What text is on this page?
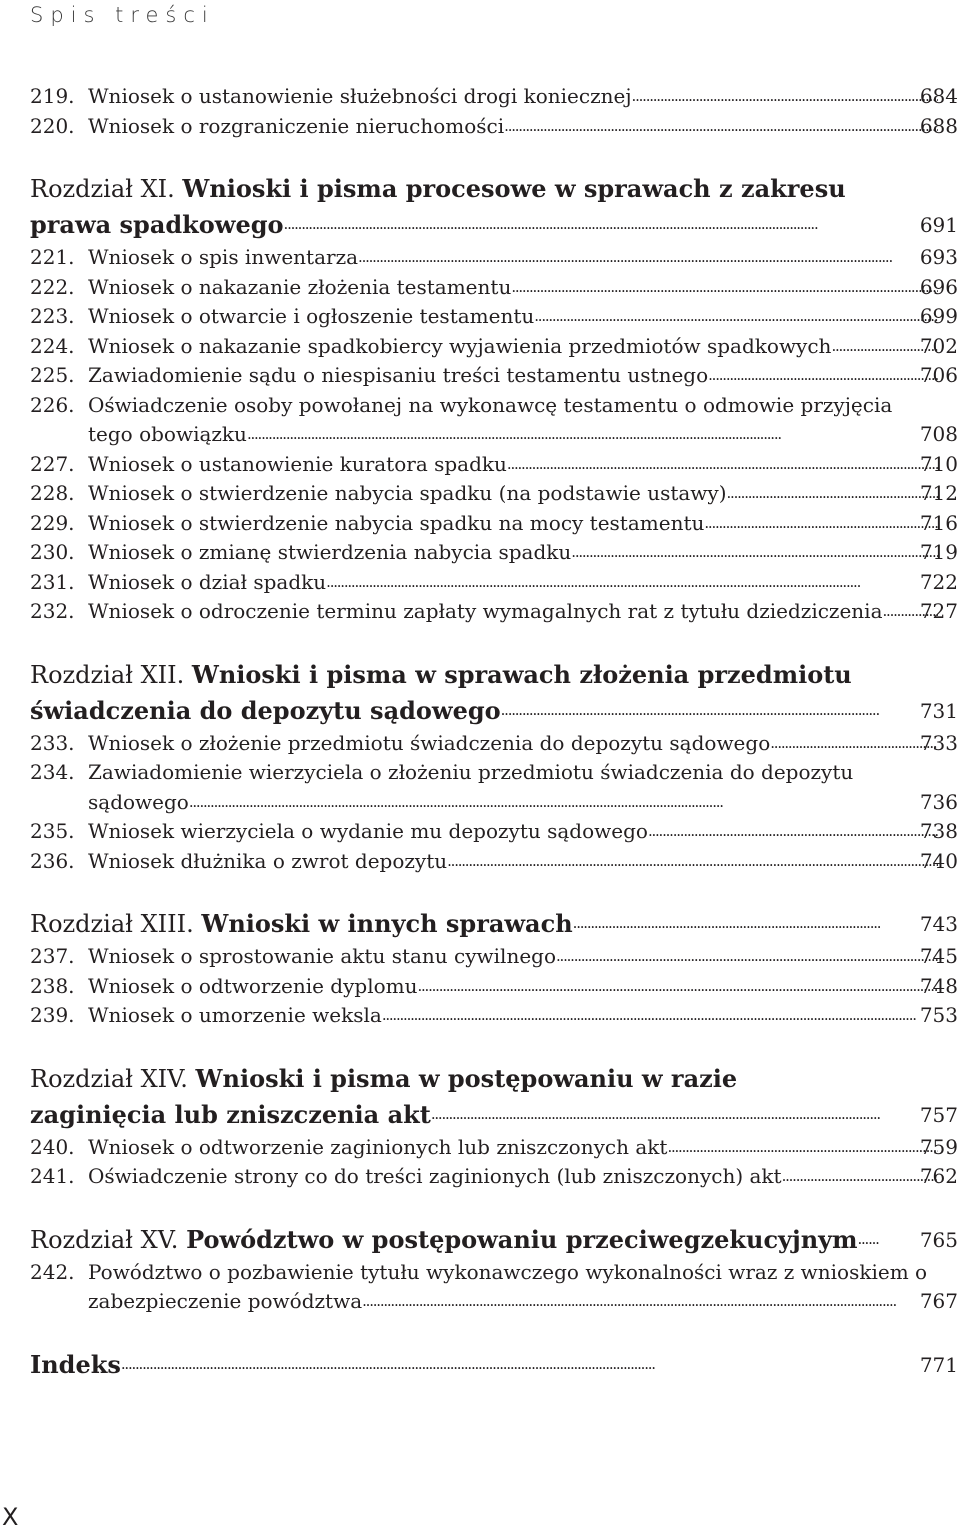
Spis treści
219. Wniosek o ustanowienie służebności drogi koniecznej . . .	684
220. Wniosek o rozgraniczenie nieruchomości . . .	688
Rozdział XI. Wnioski i pisma procesowe w sprawach z zakresu prawa spadkowego . . .	691
221. Wniosek o spis inwentarza . . .	693
222. Wniosek o nakazanie złożenia testamentu . . .	696
223. Wniosek o otwarcie i ogłoszenie testamentu . . .	699
224. Wniosek o nakazanie spadkobiercy wyjawienia przedmiotów spadkowych . . .	702
225. Zawiadomienie sądu o niespisaniu treści testamentu ustnego . . .	706
226. Oświadczenie osoby powołanej na wykonawcę testamentu o odmowie przyjęcia tego obowiązku . . .	708
227. Wniosek o ustanowienie kuratora spadku . . .	710
228. Wniosek o stwierdzenie nabycia spadku (na podstawie ustawy) . . .	712
229. Wniosek o stwierdzenie nabycia spadku na mocy testamentu . . .	716
230. Wniosek o zmianę stwierdzenia nabycia spadku . . .	719
231. Wniosek o dział spadku . . .	722
232. Wniosek o odroczenie terminu zapłaty wymagalnych rat z tytułu dziedziczenia . . .	727
Rozdział XII. Wnioski i pisma w sprawach złożenia przedmiotu świadczenia do depozytu sądowego . . .	731
233. Wniosek o złożenie przedmiotu świadczenia do depozytu sądowego . . .	733
234. Zawiadomienie wierzyciela o złożeniu przedmiotu świadczenia do depozytu sądowego . . .	736
235. Wniosek wierzyciela o wydanie mu depozytu sądowego . . .	738
236. Wniosek dłużnika o zwrot depozytu . . .	740
Rozdział XIII. Wnioski w innych sprawach . . .	743
237. Wniosek o sprostowanie aktu stanu cywilnego . . .	745
238. Wniosek o odtworzenie dyplomu . . .	748
239. Wniosek o umorzenie weksla . . .	753
Rozdział XIV. Wnioski i pisma w postępowaniu w razie zaginięcia lub zniszczenia akt . . .	757
240. Wniosek o odtworzenie zaginionych lub zniszczonych akt . . .	759
241. Oświadczenie strony co do treści zaginionych (lub zniszczonych) akt . . .	762
Rozdział XV. Powództwo w postępowaniu przeciwegzekucyjnym . . .	765
242. Powództwo o pozbawienie tytułu wykonawczego wykonalności wraz z wnioskiem o zabezpieczenie powództwa . . .	767
Indeks . . .	771
X
